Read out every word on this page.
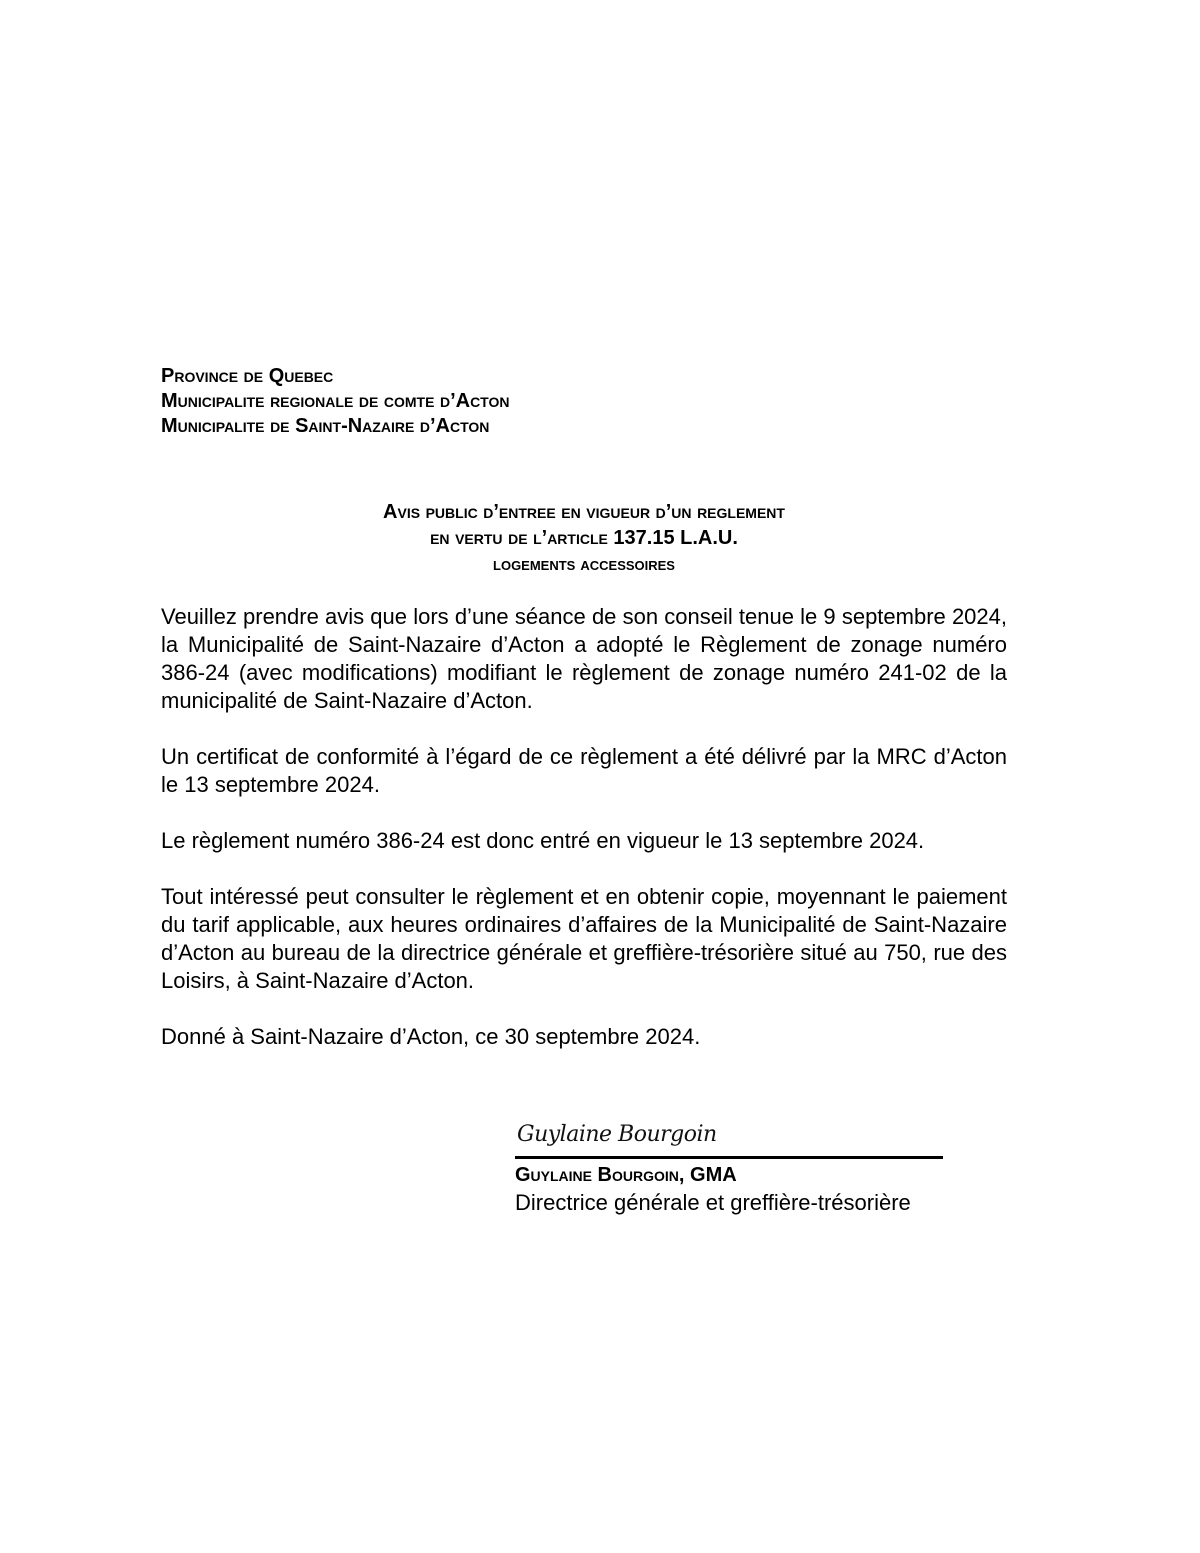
Province de Quebec
Municipalite regionale de comte d’Acton
Municipalite de Saint-Nazaire d’Acton
Avis public d’entree en vigueur d’un reglement
en vertu de l’article 137.15 L.A.U.
logements accessoires

Veuillez prendre avis que lors d’une séance de son conseil tenue le 9 septembre 2024, la Municipalité de Saint-Nazaire d’Acton a adopté le Règlement de zonage numéro 386-24 (avec modifications) modifiant le règlement de zonage numéro 241-02 de la municipalité de Saint-Nazaire d’Acton.

Un certificat de conformité à l’égard de ce règlement a été délivré par la MRC d’Acton le 13 septembre 2024.

Le règlement numéro 386-24 est donc entré en vigueur le 13 septembre 2024.

Tout intéressé peut consulter le règlement et en obtenir copie, moyennant le paiement du tarif applicable, aux heures ordinaires d’affaires de la Municipalité de Saint-Nazaire d’Acton au bureau de la directrice générale et greffière-trésorière situé au 750, rue des Loisirs, à Saint-Nazaire d’Acton.

Donné à Saint-Nazaire d’Acton, ce 30 septembre 2024.

Guylaine Bourgoin
Guylaine Bourgoin, GMA
Directrice générale et greffière-trésorière
